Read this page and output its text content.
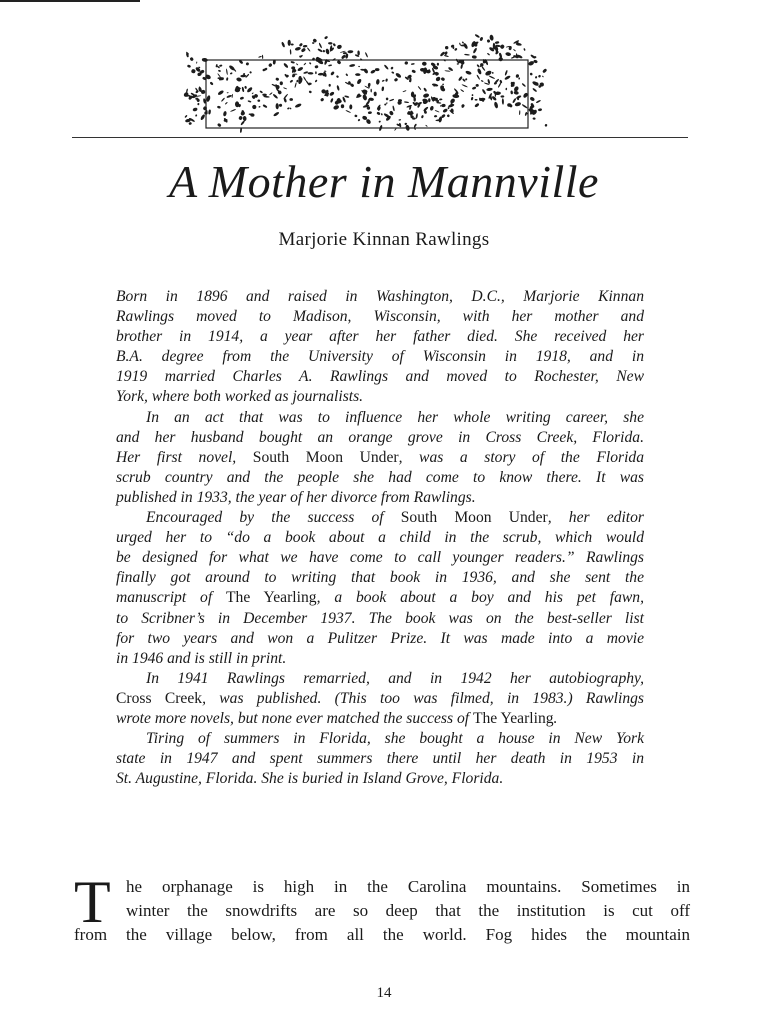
A Mother in Mannville
Marjorie Kinnan Rawlings
Born in 1896 and raised in Washington, D.C., Marjorie Kinnan
Rawlings moved to Madison, Wisconsin, with her mother and
brother in 1914, a year after her father died. She received her
B.A. degree from the University of Wisconsin in 1918, and in
1919 married Charles A. Rawlings and moved to Rochester, New
York, where both worked as journalists.
In an act that was to influence her whole writing career, she
and her husband bought an orange grove in Cross Creek, Florida.
Her first novel, South Moon Under, was a story of the Florida
scrub country and the people she had come to know there. It was
published in 1933, the year of her divorce from Rawlings.
Encouraged by the success of South Moon Under, her editor
urged her to “do a book about a child in the scrub, which would
be designed for what we have come to call younger readers.” Rawlings
finally got around to writing that book in 1936, and she sent the
manuscript of The Yearling, a book about a boy and his pet fawn,
to Scribner’s in December 1937. The book was on the best-seller list
for two years and won a Pulitzer Prize. It was made into a movie
in 1946 and is still in print.
In 1941 Rawlings remarried, and in 1942 her autobiography,
Cross Creek, was published. (This too was filmed, in 1983.) Rawlings
wrote more novels, but none ever matched the success of The Yearling.
Tiring of summers in Florida, she bought a house in New York
state in 1947 and spent summers there until her death in 1953 in
St. Augustine, Florida. She is buried in Island Grove, Florida.
T he orphanage is high in the Carolina mountains. Sometimes in
winter the snowdrifts are so deep that the institution is cut off
from the village below, from all the world. Fog hides the mountain
14
